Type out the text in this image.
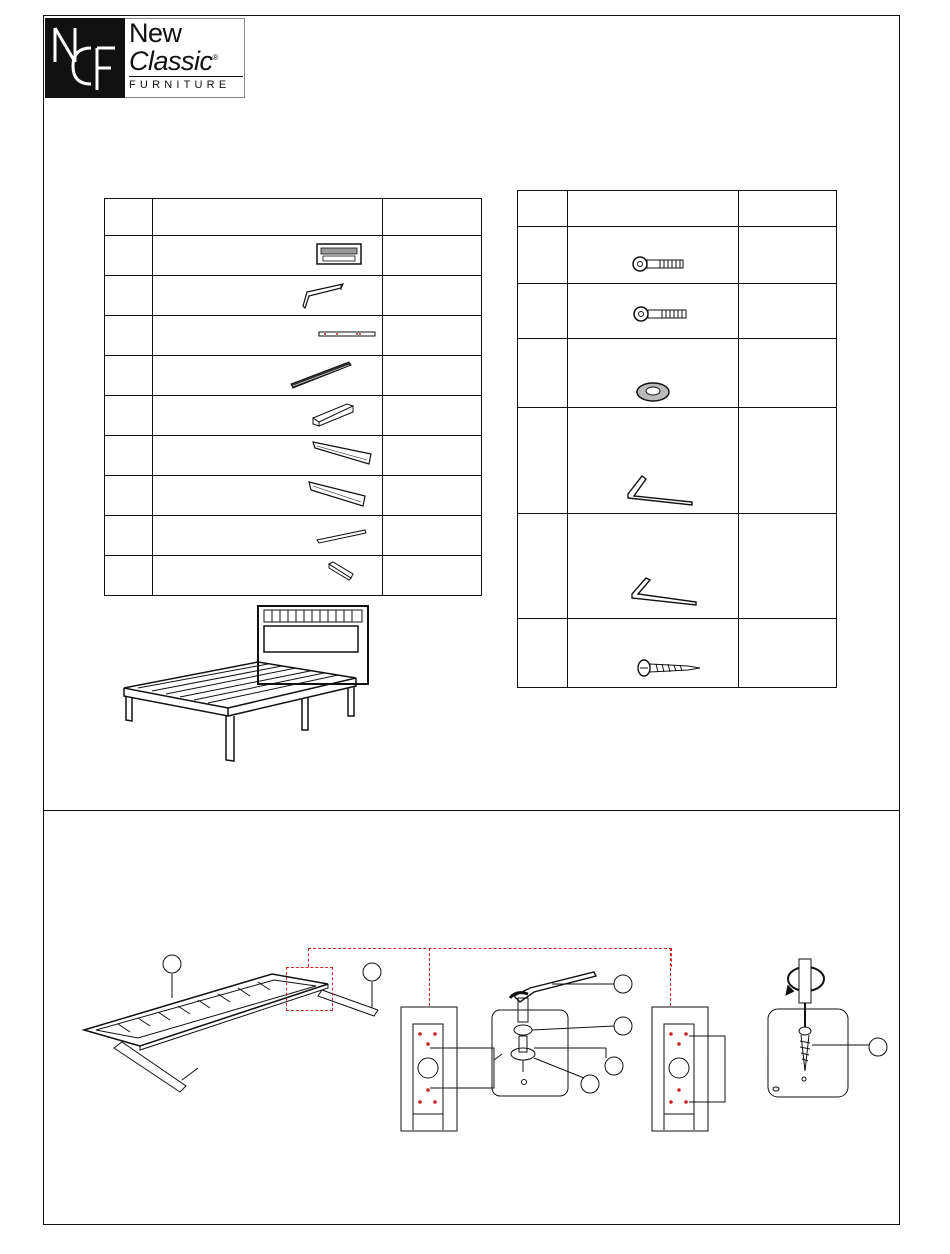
New
Classic®
FURNITURE
